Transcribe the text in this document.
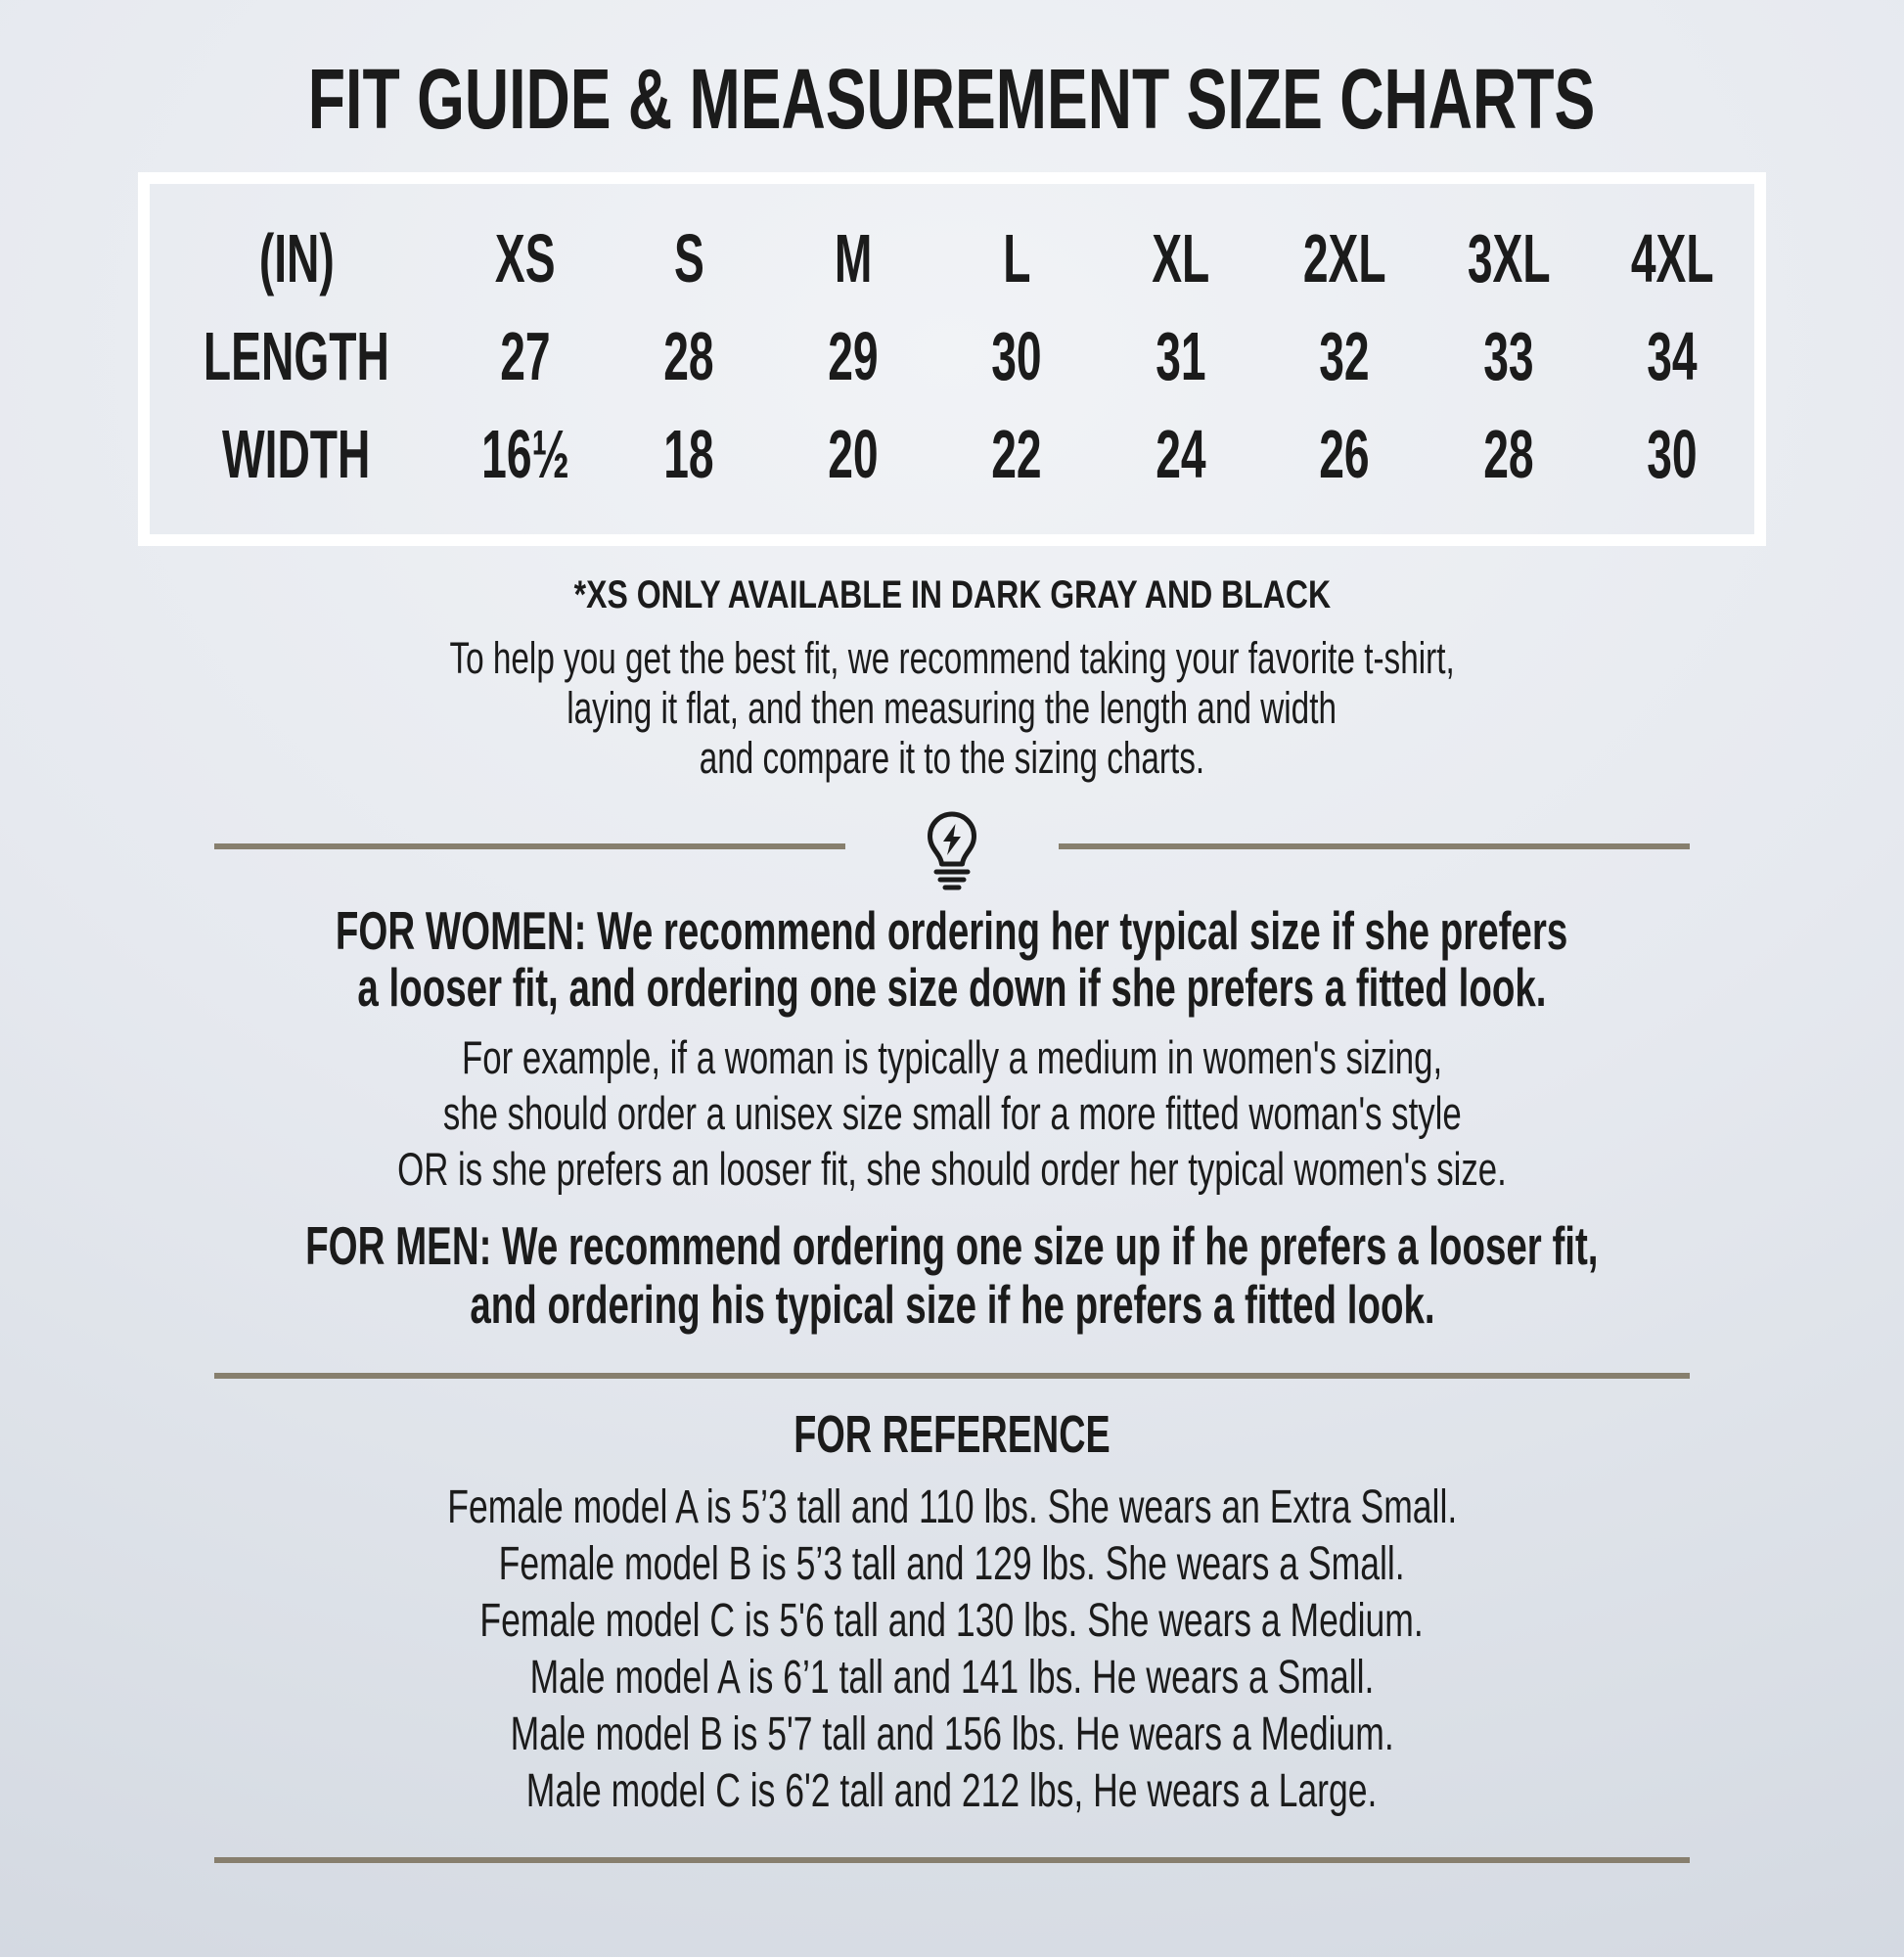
FIT GUIDE & MEASUREMENT SIZE CHARTS
(IN)	XS	S	M	L	XL	2XL	3XL	4XL
LENGTH	27	28	29	30	31	32	33	34
WIDTH	16½	18	20	22	24	26	28	30
*XS ONLY AVAILABLE IN DARK GRAY AND BLACK
To help you get the best fit, we recommend taking your favorite t-shirt,
laying it flat, and then measuring the length and width
and compare it to the sizing charts.
FOR WOMEN: We recommend ordering her typical size if she prefers
a looser fit, and ordering one size down if she prefers a fitted look.
For example, if a woman is typically a medium in women's sizing,
she should order a unisex size small for a more fitted woman's style
OR is she prefers an looser fit, she should order her typical women's size.
FOR MEN: We recommend ordering one size up if he prefers a looser fit,
and ordering his typical size if he prefers a fitted look.
FOR REFERENCE
Female model A is 5’3 tall and 110 lbs. She wears an Extra Small.
Female model B is 5’3 tall and 129 lbs. She wears a Small.
Female model C is 5'6 tall and 130 lbs. She wears a Medium.
Male model A is 6’1 tall and 141 lbs. He wears a Small.
Male model B is 5'7 tall and 156 lbs. He wears a Medium.
Male model C is 6'2 tall and 212 lbs, He wears a Large.
